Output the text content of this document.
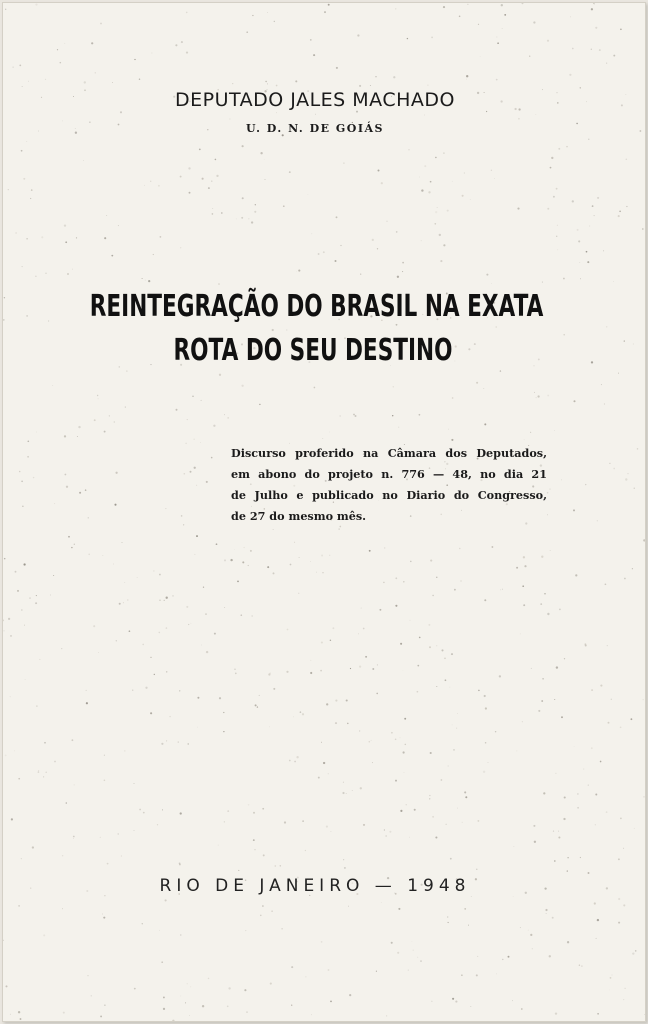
DEPUTADO JALES MACHADO
U. D. N. DE GOIÁS
REINTEGRAÇÃO DO BRASIL NA EXATA
ROTA DO SEU DESTINO
Discurso proferido na Câmara dos Deputados,
em abono do projeto n. 776 — 48, no dia 21
de Julho e publicado no Diario do Congresso,
de 27 do mesmo mês.
RIO DE JANEIRO — 1948
